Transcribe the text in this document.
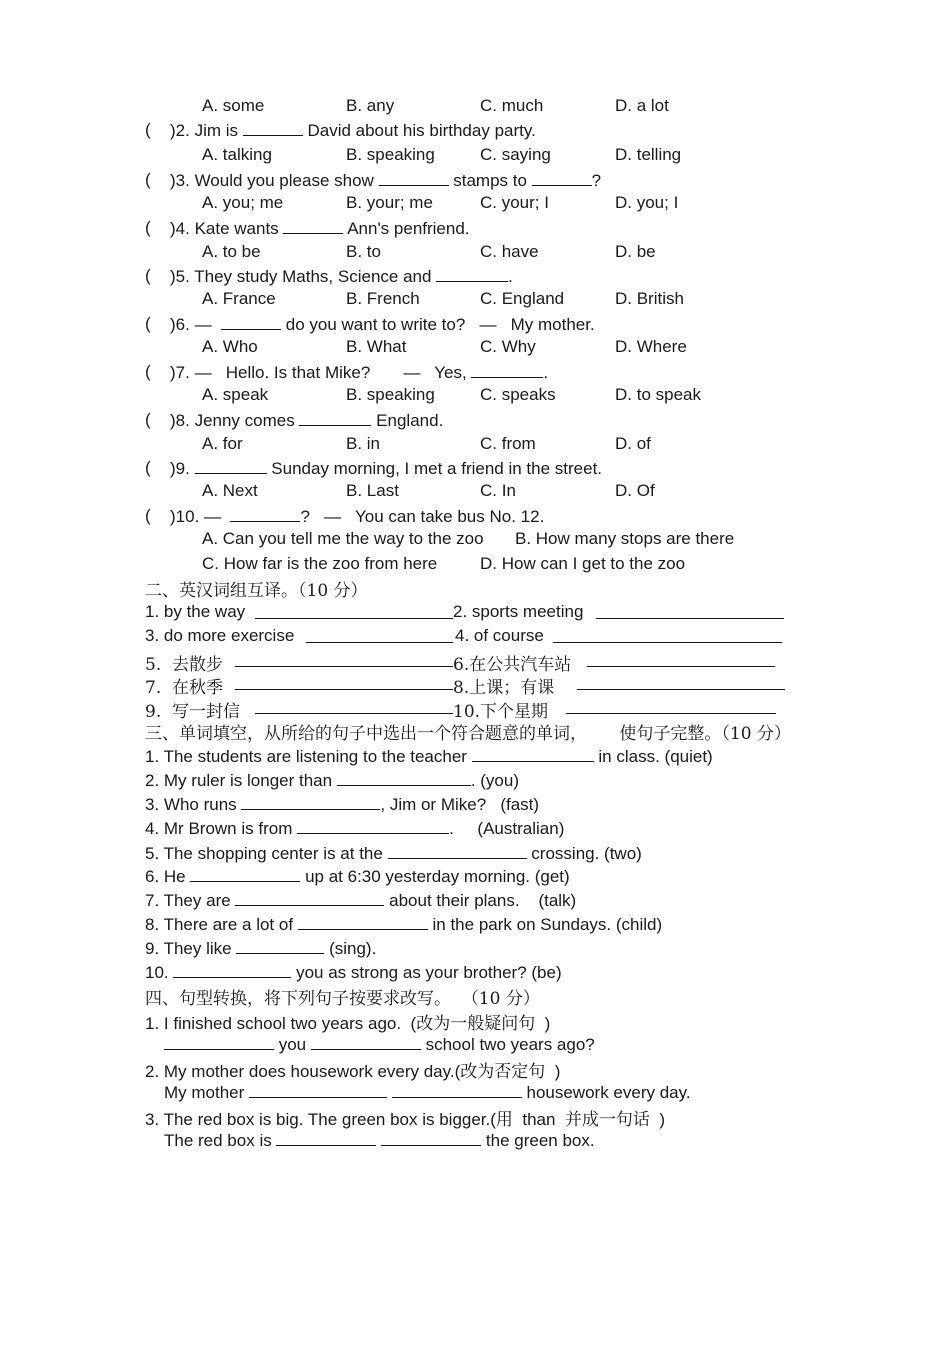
A. some	B. any	C. much	D. a lot
( )2. Jim is	David about his birthday party.
A. talking	B. speaking	C. saying	D. telling
( )3. Would you please show	stamps to	?
A. you; me	B. your; me	C. your; I	D. you; I
( )4. Kate wants	Ann's penfriend.
A. to be	B. to	C. have	D. be
( )5. They study Maths, Science and	.
A. France	B. French	C. England	D. British
( )6. —	do you want to write to?   —   My mother.
A. Who	B. What	C. Why	D. Where
( )7. —   Hello. Is that Mike?       —   Yes,	.
A. speak	B. speaking	C. speaks	D. to speak
( )8. Jenny comes	England.
A. for	B. in	C. from	D. of
( )9.	Sunday morning, I met a friend in the street.
A. Next	B. Last	C. In	D. Of
( )10. —	?   —   You can take bus No. 12.
A. Can you tell me the way to the zoo B. How many stops are there
C. How far is the zoo from here	D. How can I get to the zoo
二、英汉词组互译。（10 分）
1. by the way	2. sports meeting
3. do more exercise	4. of course
5.  去散步	6.在公共汽车站
7.  在秋季	8.上课；有课
9.  写一封信	10.下个星期
三、单词填空，从所给的句子中选出一个符合题意的单词，      使句子完整。（10 分）
1. The students are listening to the teacher	in class. (quiet)
2. My ruler is longer than	. (you)
3. Who runs	, Jim or Mike?   (fast)
4. Mr Brown is from	.     (Australian)
5. The shopping center is at the	crossing. (two)
6. He	up at 6:30 yesterday morning. (get)
7. They are	about their plans.    (talk)
8. There are a lot of	in the park on Sundays. (child)
9. They like	(sing).
10.	you as strong as your brother? (be)
四、句型转换，将下列句子按要求改写。  （10 分）
1. I finished school two years ago.  (改为一般疑问句  )
you	school two years ago?
2. My mother does housework every day.(改为否定句  )
My mother	housework every day.
3. The red box is big. The green box is bigger.(用  than  并成一句话  )
The red box is	the green box.
